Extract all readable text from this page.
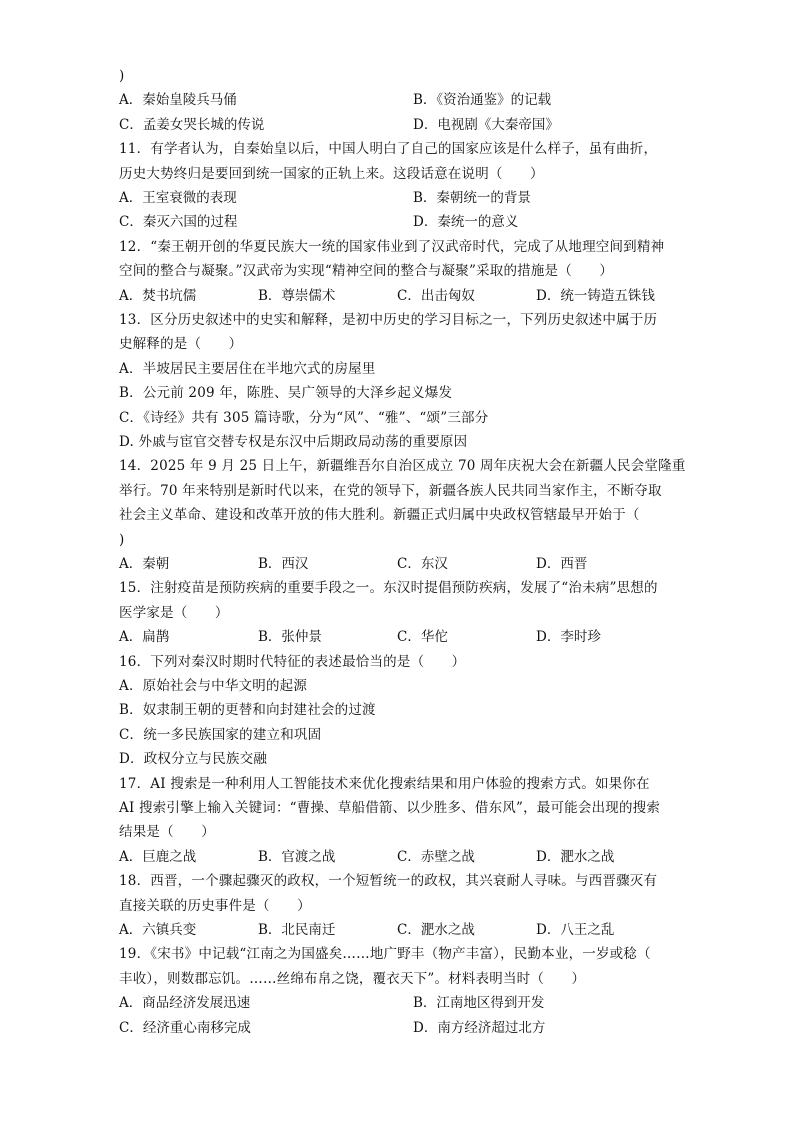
)
A．秦始皇陵兵马俑	B．《资治通鉴》的记载
C．孟姜女哭长城的传说	D．电视剧《大秦帝国》
11．有学者认为，自秦始皇以后，中国人明白了自己的国家应该是什么样子，虽有曲折，
历史大势终归是要回到统一国家的正轨上来。这段话意在说明（　　）
A．王室衰微的表现	B．秦朝统一的背景
C．秦灭六国的过程	D．秦统一的意义
12．“秦王朝开创的华夏民族大一统的国家伟业到了汉武帝时代，完成了从地理空间到精神
空间的整合与凝聚。”汉武帝为实现“精神空间的整合与凝聚”采取的措施是（　　）
A．焚书坑儒	B．尊崇儒术	C．出击匈奴	D．统一铸造五铢钱
13．区分历史叙述中的史实和解释，是初中历史的学习目标之一，下列历史叙述中属于历
史解释的是（　　）
A．半坡居民主要居住在半地穴式的房屋里
B．公元前 209 年，陈胜、吴广领导的大泽乡起义爆发
C．《诗经》共有 305 篇诗歌，分为“风”、“雅”、“颂”三部分
D. 外戚与宦官交替专权是东汉中后期政局动荡的重要原因
14．2025 年 9 月 25 日上午，新疆维吾尔自治区成立 70 周年庆祝大会在新疆人民会堂隆重
举行。70 年来特别是新时代以来，在党的领导下，新疆各族人民共同当家作主，不断夺取
社会主义革命、建设和改革开放的伟大胜利。新疆正式归属中央政权管辖最早开始于（
)
A．秦朝	B．西汉	C．东汉	D．西晋
15．注射疫苗是预防疾病的重要手段之一。东汉时提倡预防疾病，发展了“治未病”思想的
医学家是（　　）
A．扁鹊	B．张仲景	C．华佗	D．李时珍
16．下列对秦汉时期时代特征的表述最恰当的是（　　）
A．原始社会与中华文明的起源
B．奴隶制王朝的更替和向封建社会的过渡
C．统一多民族国家的建立和巩固
D．政权分立与民族交融
17．AI 搜索是一种利用人工智能技术来优化搜索结果和用户体验的搜索方式。如果你在
AI 搜索引擎上输入关键词：“曹操、草船借箭、以少胜多、借东风”，最可能会出现的搜索
结果是（　　）
A．巨鹿之战	B．官渡之战	C．赤壁之战	D．淝水之战
18．西晋，一个骤起骤灭的政权，一个短暂统一的政权，其兴衰耐人寻味。与西晋骤灭有
直接关联的历史事件是（　　）
A．六镇兵变	B．北民南迁	C．淝水之战	D．八王之乱
19．《宋书》中记载“江南之为国盛矣……地广野丰（物产丰富），民勤本业，一岁或稔（
丰收），则数郡忘饥。……丝绵布帛之饶，覆衣天下”。材料表明当时（　　）
A．商品经济发展迅速	B．江南地区得到开发
C．经济重心南移完成	D．南方经济超过北方
